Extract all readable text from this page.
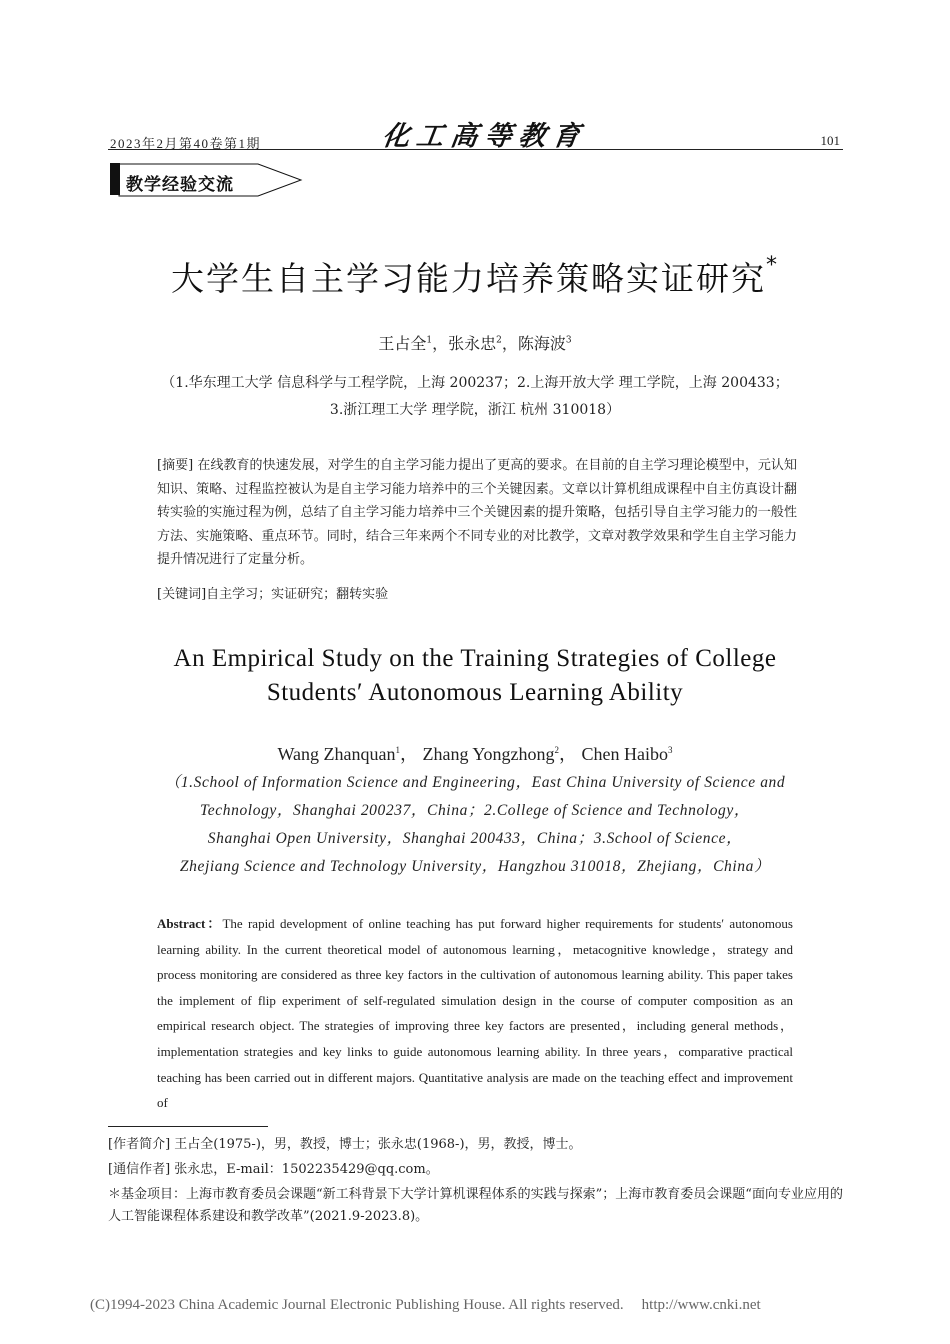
2023年2月第40卷第1期	化工高等教育	101
教学经验交流
大学生自主学习能力培养策略实证研究*
王占全$^1$，张永忠$^2$，陈海波$^3$
（1.华东理工大学 信息科学与工程学院，上海 200237；2.上海开放大学 理工学院，上海 200433；
3.浙江理工大学 理学院，浙江 杭州 310018）
[摘要] 在线教育的快速发展，对学生的自主学习能力提出了更高的要求。在目前的自主学习理论模型中，元认知知识、策略、过程监控被认为是自主学习能力培养中的三个关键因素。文章以计算机组成课程中自主仿真设计翻转实验的实施过程为例，总结了自主学习能力培养中三个关键因素的提升策略，包括引导自主学习能力的一般性方法、实施策略、重点环节。同时，结合三年来两个不同专业的对比教学，文章对教学效果和学生自主学习能力提升情况进行了定量分析。
[关键词]自主学习；实证研究；翻转实验
An Empirical Study on the Training Strategies of College
Students′ Autonomous Learning Ability
Wang Zhanquan$^1$， Zhang Yongzhong$^2$， Chen Haibo$^3$
（1.School of Information Science and Engineering，East China University of Science and
Technology，Shanghai 200237，China；2.College of Science and Technology，
Shanghai Open University，Shanghai 200433，China；3.School of Science，
Zhejiang Science and Technology University，Hangzhou 310018，Zhejiang，China）
Abstract：The rapid development of online teaching has put forward higher requirements for students′ autonomous learning ability. In the current theoretical model of autonomous learning，metacognitive knowledge，strategy and process monitoring are considered as three key factors in the cultivation of autonomous learning ability. This paper takes the implement of flip experiment of self-regulated simulation design in the course of computer composition as an empirical research object. The strategies of improving three key factors are presented，including general methods，implementation strategies and key links to guide autonomous learning ability. In three years，comparative practical teaching has been carried out in different majors. Quantitative analysis are made on the teaching effect and improvement of
[作者简介] 王占全(1975-)，男，教授，博士；张永忠(1968-)，男，教授，博士。
[通信作者] 张永忠，E-mail：1502235429@qq.com。
＊基金项目：上海市教育委员会课题“新工科背景下大学计算机课程体系的实践与探索”；上海市教育委员会课题“面向专业应用的人工智能课程体系建设和教学改革”(2021.9-2023.8)。
(C)1994-2023 China Academic Journal Electronic Publishing House. All rights reserved. http://www.cnki.net
